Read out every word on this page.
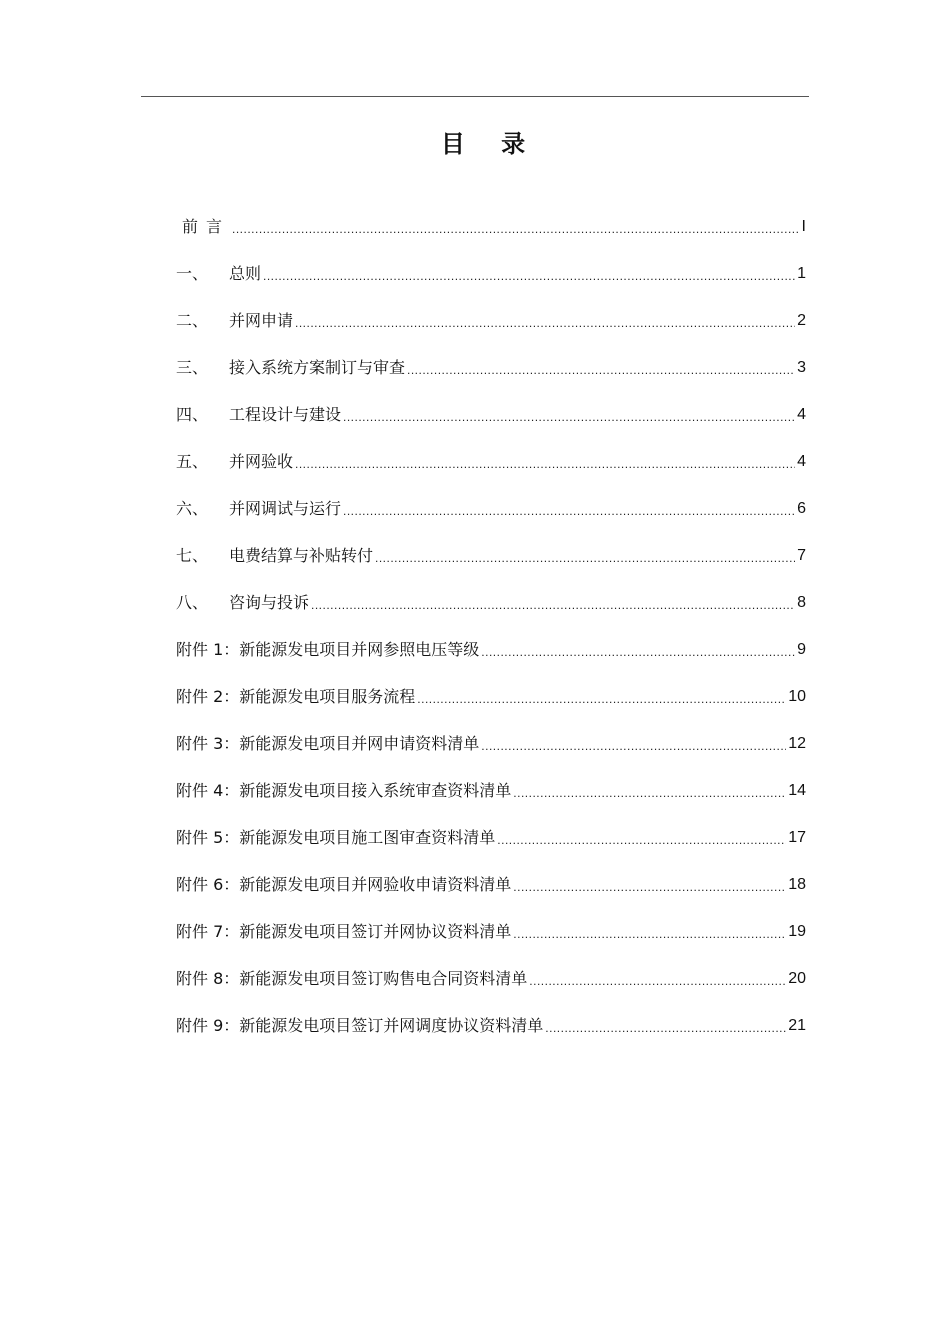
目 录
前言 .....	I
一、	总则 .....	1
二、	并网申请 .....	2
三、	接入系统方案制订与审查 .....	3
四、	工程设计与建设 .....	4
五、	并网验收 .....	4
六、	并网调试与运行 .....	6
七、	电费结算与补贴转付 .....	7
八、	咨询与投诉 .....	8
附件 1： 新能源发电项目并网参照电压等级 .....	9
附件 2： 新能源发电项目服务流程 .....	10
附件 3： 新能源发电项目并网申请资料清单 .....	12
附件 4： 新能源发电项目接入系统审查资料清单 .....	14
附件 5： 新能源发电项目施工图审查资料清单 .....	17
附件 6： 新能源发电项目并网验收申请资料清单 .....	18
附件 7： 新能源发电项目签订并网协议资料清单 .....	19
附件 8： 新能源发电项目签订购售电合同资料清单 .....	20
附件 9： 新能源发电项目签订并网调度协议资料清单 .....	21
